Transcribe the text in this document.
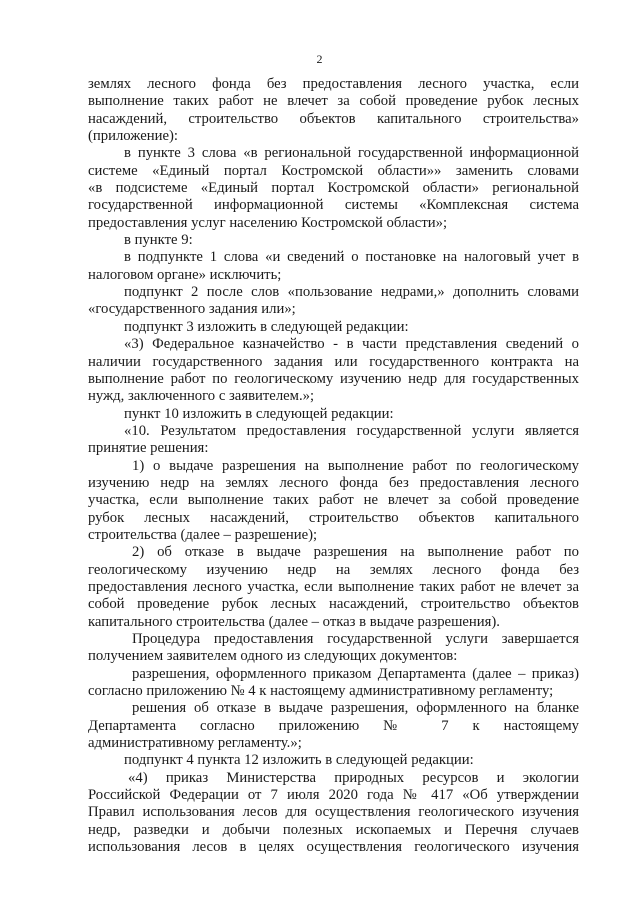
2
землях лесного фонда без предоставления лесного участка, если
выполнение таких работ не влечет за собой проведение рубок лесных
насаждений, строительство объектов капитального строительства»
(приложение):
в пункте 3 слова «в региональной государственной информационной
системе «Единый портал Костромской области»» заменить словами
«в подсистеме «Единый портал Костромской области» региональной
государственной информационной системы «Комплексная система
предоставления услуг населению Костромской области»;
в пункте 9:
в подпункте 1 слова «и сведений о постановке на налоговый учет в
налоговом органе» исключить;
подпункт 2 после слов «пользование недрами,» дополнить словами
«государственного задания или»;
подпункт 3 изложить в следующей редакции:
«3) Федеральное казначейство - в части представления сведений о
наличии государственного задания или государственного контракта на
выполнение работ по геологическому изучению недр для государственных
нужд, заключенного с заявителем.»;
пункт 10 изложить в следующей редакции:
«10. Результатом предоставления государственной услуги является
принятие решения:
1) о выдаче разрешения на выполнение работ по геологическому
изучению недр на землях лесного фонда без предоставления лесного
участка, если выполнение таких работ не влечет за собой проведение
рубок лесных насаждений, строительство объектов капитального
строительства (далее – разрешение);
2) об отказе в выдаче разрешения на выполнение работ по
геологическому изучению недр на землях лесного фонда без
предоставления лесного участка, если выполнение таких работ не влечет за
собой проведение рубок лесных насаждений, строительство объектов
капитального строительства (далее – отказ в выдаче разрешения).
Процедура предоставления государственной услуги завершается
получением заявителем одного из следующих документов:
разрешения, оформленного приказом Департамента (далее – приказ)
согласно приложению № 4 к настоящему административному регламенту;
решения об отказе в выдаче разрешения, оформленного на бланке
Департамента согласно приложению № 7 к настоящему
административному регламенту.»;
подпункт 4 пункта 12 изложить в следующей редакции:
«4) приказ Министерства природных ресурсов и экологии
Российской Федерации от 7 июля 2020 года № 417 «Об утверждении
Правил использования лесов для осуществления геологического изучения
недр, разведки и добычи полезных ископаемых и Перечня случаев
использования лесов в целях осуществления геологического изучения
